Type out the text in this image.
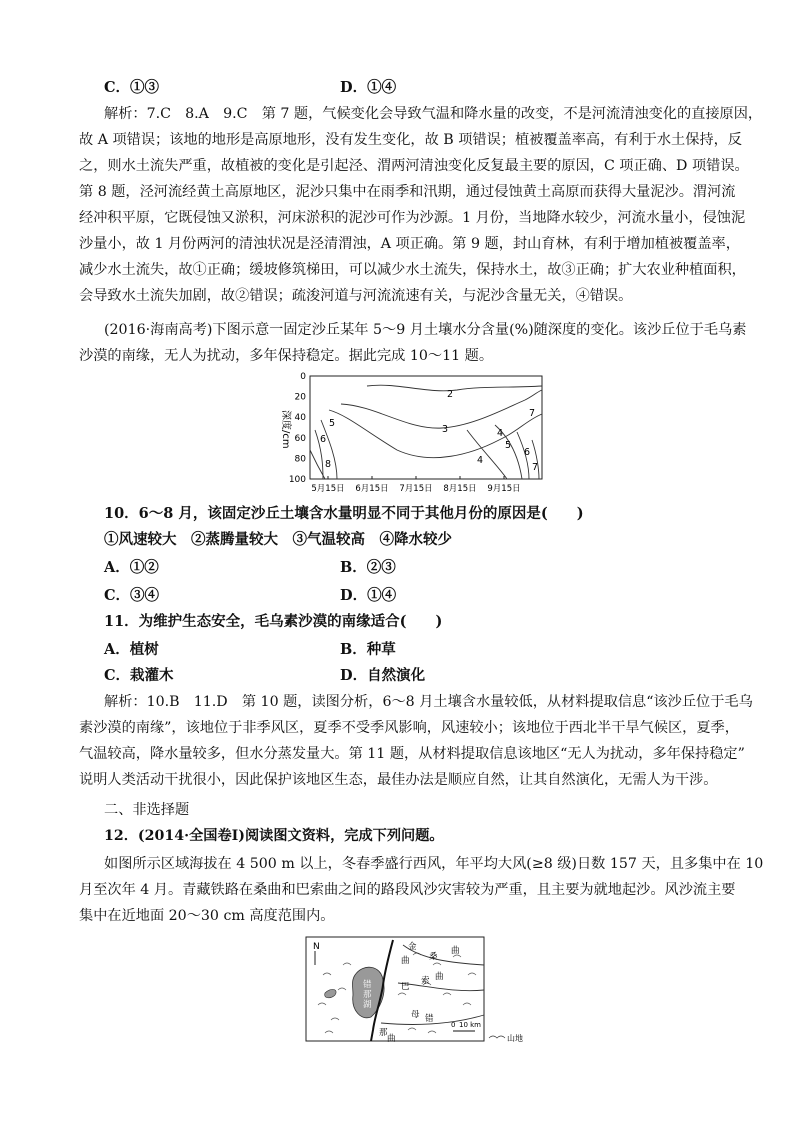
C．①③	D．①④
解析：7.C　8.A　9.C　第 7 题，气候变化会导致气温和降水量的改变，不是河流清浊变化的直接原因，
故 A 项错误；该地的地形是高原地形，没有发生变化，故 B 项错误；植被覆盖率高，有利于水土保持，反
之，则水土流失严重，故植被的变化是引起泾、渭两河清浊变化反复最主要的原因，C 项正确、D 项错误。
第 8 题，泾河流经黄土高原地区，泥沙只集中在雨季和汛期，通过侵蚀黄土高原而获得大量泥沙。渭河流
经冲积平原，它既侵蚀又淤积，河床淤积的泥沙可作为沙源。1 月份，当地降水较少，河流水量小，侵蚀泥
沙量小，故 1 月份两河的清浊状况是泾清渭浊，A 项正确。第 9 题，封山育林，有利于增加植被覆盖率，
减少水土流失，故①正确；缓坡修筑梯田，可以减少水土流失，保持水土，故③正确；扩大农业种植面积，
会导致水土流失加剧，故②错误；疏浚河道与河流流速有关，与泥沙含量无关，④错误。
(2016·海南高考)下图示意一固定沙丘某年 5～9 月土壤水分含量(%)随深度的变化。该沙丘位于毛乌素
沙漠的南缘，无人为扰动，多年保持稳定。据此完成 10～11 题。
深度/cm
0
20
40
60
80
100
5月15日 6月15日 7月15日 8月15日 9月15日
2
3	4
5
6
4
5
6
7
7
8
10．6～8 月，该固定沙丘土壤含水量明显不同于其他月份的原因是(　　)
①风速较大　②蒸腾量较大　③气温较高　④降水较少
A．①②	B．②③
C．③④	D．①④
11．为维护生态安全，毛乌素沙漠的南缘适合(　　)
A．植树	B．种草
C．栽灌木	D．自然演化
解析：10.B　11.D　第 10 题，读图分析，6～8 月土壤含水量较低，从材料提取信息“该沙丘位于毛乌
素沙漠的南缘”，该地位于非季风区，夏季不受季风影响，风速较小；该地位于西北半干旱气候区，夏季，
气温较高，降水量较多，但水分蒸发量大。第 11 题，从材料提取信息该地区“无人为扰动，多年保持稳定”
说明人类活动干扰很小，因此保护该地区生态，最佳办法是顺应自然，让其自然演化，无需人为干涉。
二、非选择题
12．(2014·全国卷Ⅰ)阅读图文资料，完成下列问题。
如图所示区域海拔在 4 500 m 以上，冬春季盛行西风，年平均大风(≥8 级)日数 157 天，且多集中在 10
月至次年 4 月。青藏铁路在桑曲和巴索曲之间的路段风沙灾害较为严重，且主要为就地起沙。风沙流主要
集中在近地面 20～30 cm 高度范围内。
N	金
桑
曲
曲
巴
索 曲
母 错
那
曲
错
那
湖
0 10 km
山地
